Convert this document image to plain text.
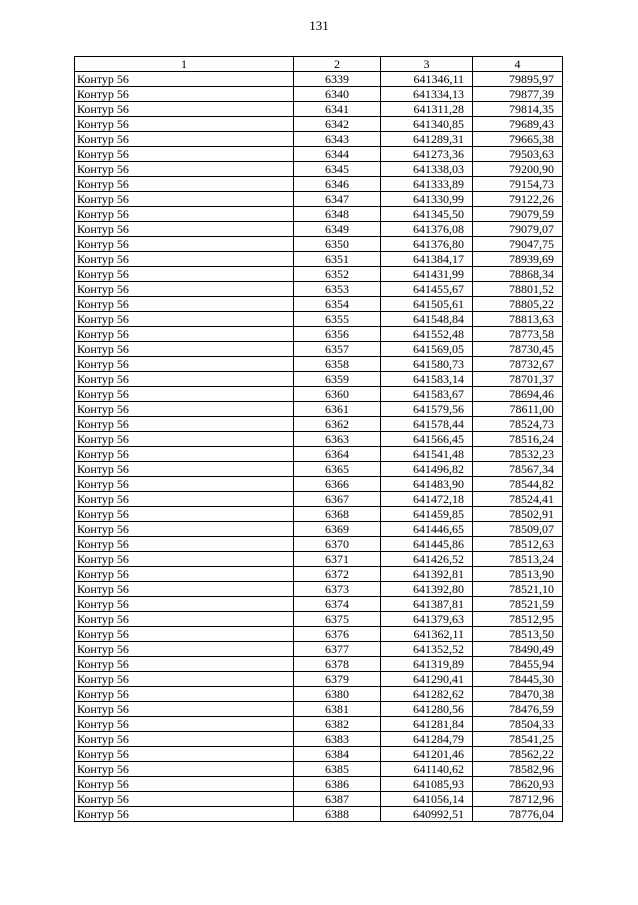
131
1	2	3	4
Контур 56	6339	641346,11	79895,97
Контур 56	6340	641334,13	79877,39
Контур 56	6341	641311,28	79814,35
Контур 56	6342	641340,85	79689,43
Контур 56	6343	641289,31	79665,38
Контур 56	6344	641273,36	79503,63
Контур 56	6345	641338,03	79200,90
Контур 56	6346	641333,89	79154,73
Контур 56	6347	641330,99	79122,26
Контур 56	6348	641345,50	79079,59
Контур 56	6349	641376,08	79079,07
Контур 56	6350	641376,80	79047,75
Контур 56	6351	641384,17	78939,69
Контур 56	6352	641431,99	78868,34
Контур 56	6353	641455,67	78801,52
Контур 56	6354	641505,61	78805,22
Контур 56	6355	641548,84	78813,63
Контур 56	6356	641552,48	78773,58
Контур 56	6357	641569,05	78730,45
Контур 56	6358	641580,73	78732,67
Контур 56	6359	641583,14	78701,37
Контур 56	6360	641583,67	78694,46
Контур 56	6361	641579,56	78611,00
Контур 56	6362	641578,44	78524,73
Контур 56	6363	641566,45	78516,24
Контур 56	6364	641541,48	78532,23
Контур 56	6365	641496,82	78567,34
Контур 56	6366	641483,90	78544,82
Контур 56	6367	641472,18	78524,41
Контур 56	6368	641459,85	78502,91
Контур 56	6369	641446,65	78509,07
Контур 56	6370	641445,86	78512,63
Контур 56	6371	641426,52	78513,24
Контур 56	6372	641392,81	78513,90
Контур 56	6373	641392,80	78521,10
Контур 56	6374	641387,81	78521,59
Контур 56	6375	641379,63	78512,95
Контур 56	6376	641362,11	78513,50
Контур 56	6377	641352,52	78490,49
Контур 56	6378	641319,89	78455,94
Контур 56	6379	641290,41	78445,30
Контур 56	6380	641282,62	78470,38
Контур 56	6381	641280,56	78476,59
Контур 56	6382	641281,84	78504,33
Контур 56	6383	641284,79	78541,25
Контур 56	6384	641201,46	78562,22
Контур 56	6385	641140,62	78582,96
Контур 56	6386	641085,93	78620,93
Контур 56	6387	641056,14	78712,96
Контур 56	6388	640992,51	78776,04
